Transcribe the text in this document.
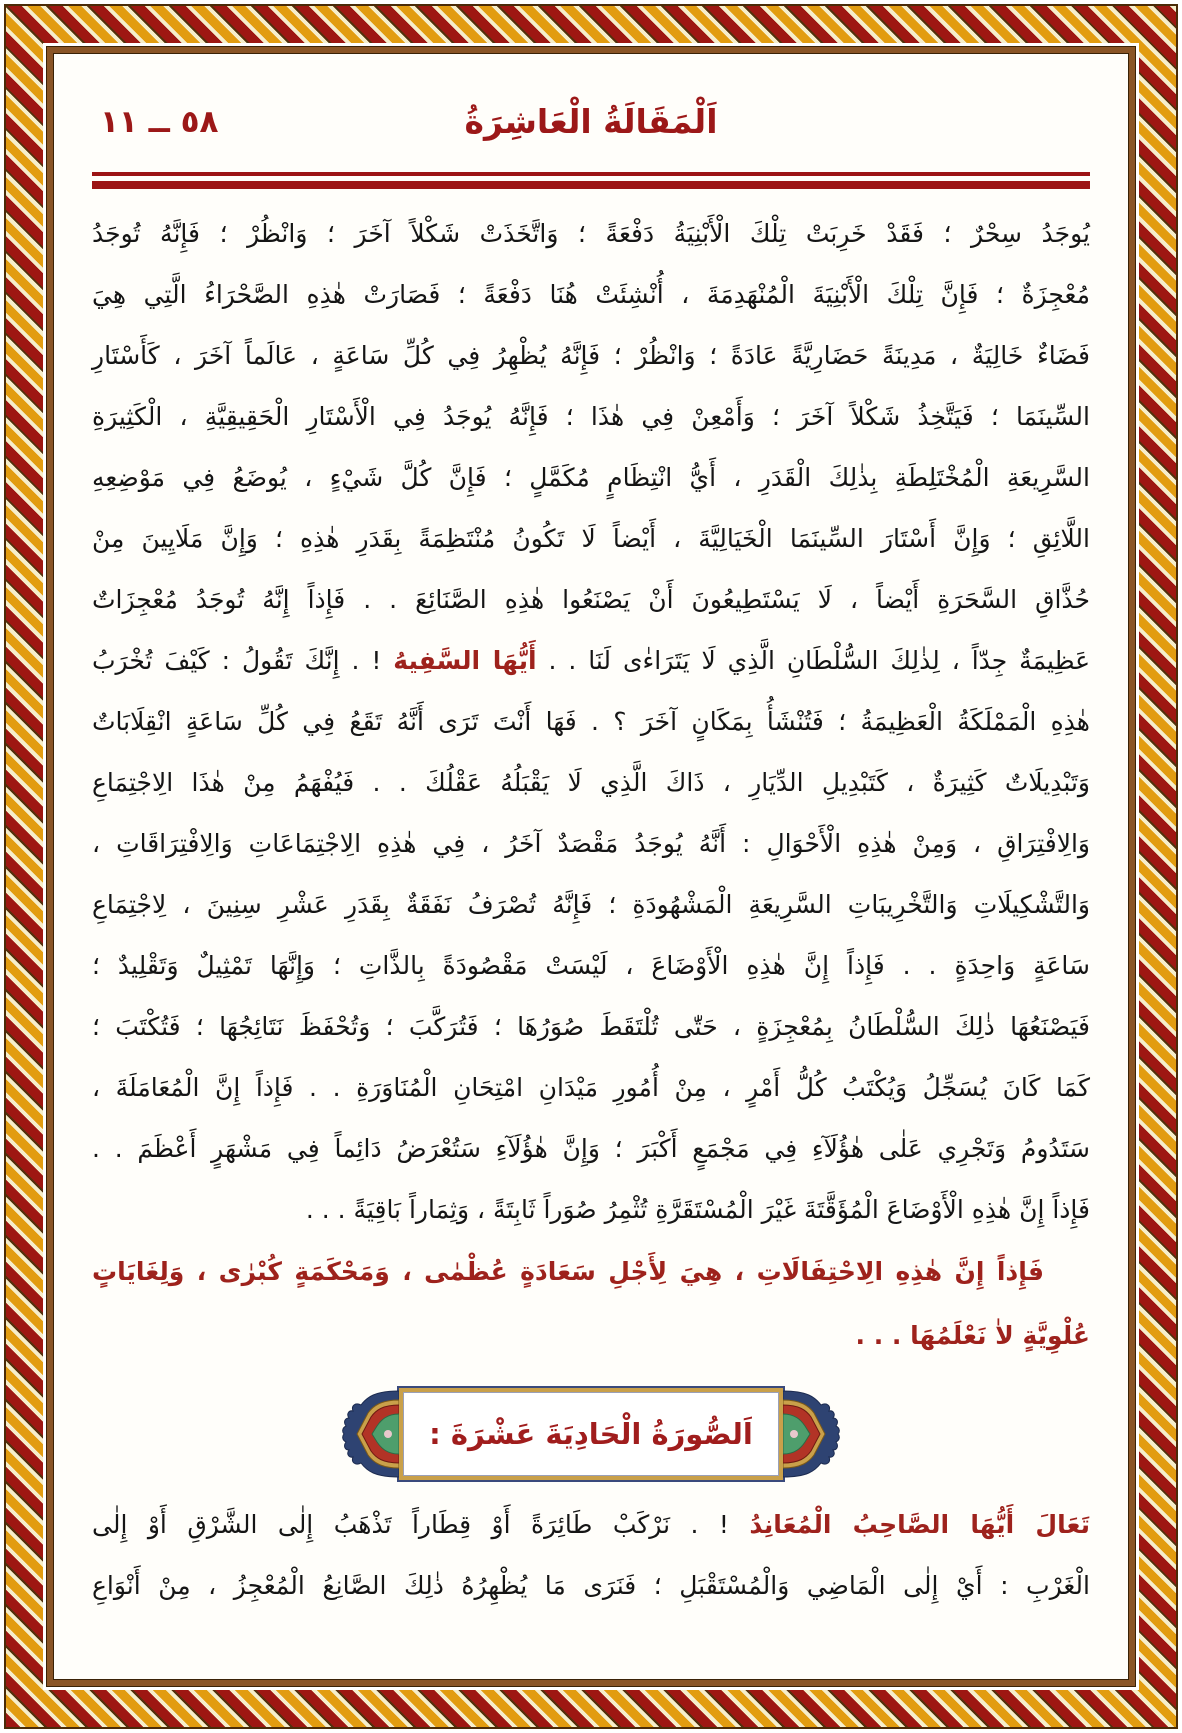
اَلْمَقَالَةُ الْعَاشِرَةُ
٥٨ ــ ١١

يُوجَدُ سِحْرٌ ؛ فَقَدْ خَرِبَتْ تِلْكَ الْأَبْنِيَةُ دَفْعَةً ؛ وَاتَّخَذَتْ شَكْلاً آخَرَ ؛ وَانْظُرْ ؛ فَإِنَّهُ تُوجَدُ

مُعْجِزَةٌ ؛ فَإِنَّ تِلْكَ الْأَبْنِيَةَ الْمُنْهَدِمَةَ ، أُنْشِئَتْ هُنَا دَفْعَةً ؛ فَصَارَتْ هٰذِهِ الصَّحْرَاءُ الَّتِي هِيَ

فَضَاءٌ خَالِيَةٌ ، مَدِينَةً حَضَارِيَّةً عَادَةً ؛ وَانْظُرْ ؛ فَإِنَّهُ يُظْهِرُ فِي كُلِّ سَاعَةٍ ، عَالَماً آخَرَ ، كَأَسْتَارِ

السِّينَمَا ؛ فَيَتَّخِذُ شَكْلاً آخَرَ ؛ وَأَمْعِنْ فِي هٰذَا ؛ فَإِنَّهُ يُوجَدُ فِي الْأَسْتَارِ الْحَقِيقِيَّةِ ، الْكَثِيرَةِ

السَّرِيعَةِ الْمُخْتَلِطَةِ بِذٰلِكَ الْقَدَرِ ، أَيُّ انْتِظَامٍ مُكَمَّلٍ ؛ فَإِنَّ كُلَّ شَيْءٍ ، يُوضَعُ فِي مَوْضِعِهِ

اللَّائِقِ ؛ وَإِنَّ أَسْتَارَ السِّينَمَا الْخَيَالِيَّةَ ، أَيْضاً لَا تَكُونُ مُنْتَظِمَةً بِقَدَرِ هٰذِهِ ؛ وَإِنَّ مَلَايِينَ مِنْ

حُذَّاقِ السَّحَرَةِ أَيْضاً ، لَا يَسْتَطِيعُونَ أَنْ يَصْنَعُوا هٰذِهِ الصَّنَائِعَ . . فَإِذاً إِنَّهُ تُوجَدُ مُعْجِزَاتٌ

عَظِيمَةٌ جِدّاً ، لِذٰلِكَ السُّلْطَانِ الَّذِي لَا يَتَرَاءٰى لَنَا . . أَيُّهَا السَّفِيهُ ! . إِنَّكَ تَقُولُ : كَيْفَ تُخْرَبُ

هٰذِهِ الْمَمْلَكَةُ الْعَظِيمَةُ ؛ فَتُنْشَأُ بِمَكَانٍ آخَرَ ؟ . فَهَا أَنْتَ تَرَى أَنَّهُ تَقَعُ فِي كُلِّ سَاعَةٍ انْقِلَابَاتٌ

وَتَبْدِيلَاتٌ كَثِيرَةٌ ، كَتَبْدِيلِ الدِّيَارِ ، ذَاكَ الَّذِي لَا يَقْبَلُهُ عَقْلُكَ . . فَيُفْهَمُ مِنْ هٰذَا الِاجْتِمَاعِ

وَالِافْتِرَاقِ ، وَمِنْ هٰذِهِ الْأَحْوَالِ : أَنَّهُ يُوجَدُ مَقْصَدٌ آخَرُ ، فِي هٰذِهِ الِاجْتِمَاعَاتِ وَالِافْتِرَاقَاتِ ،

وَالتَّشْكِيلَاتِ وَالتَّخْرِيبَاتِ السَّرِيعَةِ الْمَشْهُودَةِ ؛ فَإِنَّهُ تُصْرَفُ نَفَقَةٌ بِقَدَرِ عَشْرِ سِنِينَ ، لِاجْتِمَاعِ

سَاعَةٍ وَاحِدَةٍ . . فَإِذاً إِنَّ هٰذِهِ الْأَوْضَاعَ ، لَيْسَتْ مَقْصُودَةً بِالذَّاتِ ؛ وَإِنَّهَا تَمْثِيلٌ وَتَقْلِيدٌ ؛

فَيَصْنَعُهَا ذٰلِكَ السُّلْطَانُ بِمُعْجِزَةٍ ، حَتّٰى تُلْتَقَطَ صُوَرُهَا ؛ فَتُرَكَّبَ ؛ وَتُحْفَظَ نَتَائِجُهَا ؛ فَتُكْتَبَ ؛

كَمَا كَانَ يُسَجِّلُ وَيُكْتَبُ كُلُّ أَمْرٍ ، مِنْ أُمُورِ مَيْدَانِ امْتِحَانِ الْمُنَاوَرَةِ . . فَإِذاً إِنَّ الْمُعَامَلَةَ ،

سَتَدُومُ وَتَجْرِي عَلٰى هٰؤُلَآءِ فِي مَجْمَعٍ أَكْبَرَ ؛ وَإِنَّ هٰؤُلَآءِ سَتُعْرَضُ دَائِماً فِي مَشْهَرٍ أَعْظَمَ . .

فَإِذاً إِنَّ هٰذِهِ الْأَوْضَاعَ الْمُؤَقَّتَةَ غَيْرَ الْمُسْتَقَرَّةِ تُثْمِرُ صُوَراً ثَابِتَةً ، وَثِمَاراً بَاقِيَةً . . .

فَإِذاً إِنَّ هٰذِهِ الِاحْتِفَالَاتِ ، هِيَ لِأَجْلِ سَعَادَةٍ عُظْمٰى ، وَمَحْكَمَةٍ كُبْرٰى ، وَلِغَايَاتٍ

عُلْوِيَّةٍ لاٰ نَعْلَمُهَا . . .

اَلصُّورَةُ الْحَادِيَةَ عَشْرَةَ :

تَعَالَ أَيُّهَا الصَّاحِبُ الْمُعَانِدُ ! . نَرْكَبْ طَائِرَةً أَوْ قِطَاراً تَذْهَبُ إِلٰى الشَّرْقِ أَوْ إِلٰى

الْغَرْبِ : أَيْ إِلٰى الْمَاضِي وَالْمُسْتَقْبَلِ ؛ فَنَرَى مَا يُظْهِرُهُ ذٰلِكَ الصَّانِعُ الْمُعْجِزُ ، مِنْ أَنْوَاعِ
